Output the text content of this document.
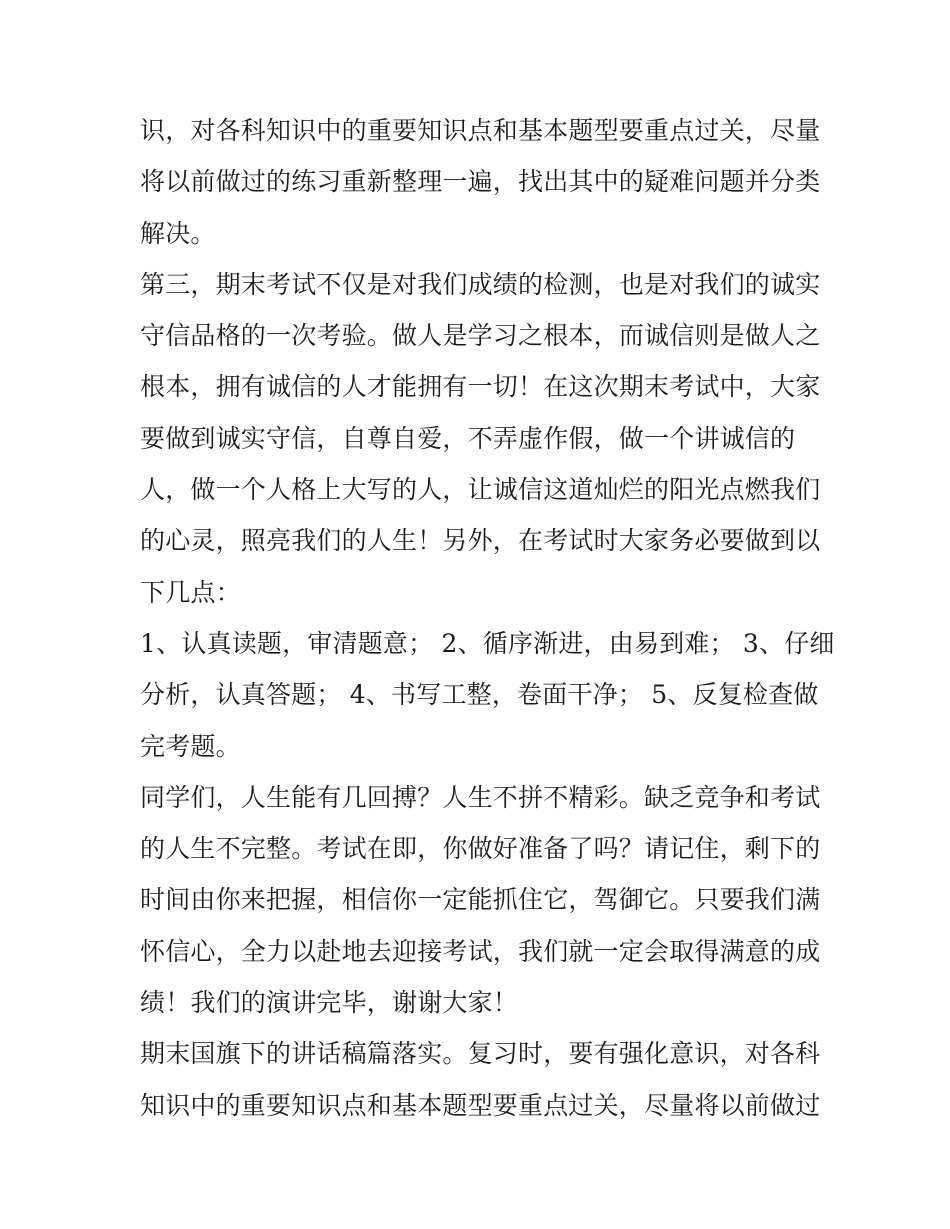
识，对各科知识中的重要知识点和基本题型要重点过关，尽量
将以前做过的练习重新整理一遍，找出其中的疑难问题并分类
解决。
第三，期末考试不仅是对我们成绩的检测，也是对我们的诚实
守信品格的一次考验。做人是学习之根本，而诚信则是做人之
根本，拥有诚信的人才能拥有一切！在这次期末考试中，大家
要做到诚实守信，自尊自爱，不弄虚作假，做一个讲诚信的
人，做一个人格上大写的人，让诚信这道灿烂的阳光点燃我们
的心灵，照亮我们的人生！另外，在考试时大家务必要做到以
下几点：
1、认真读题，审清题意； 2、循序渐进，由易到难； 3、仔细
分析，认真答题； 4、书写工整，卷面干净； 5、反复检查做
完考题。
同学们，人生能有几回搏？人生不拼不精彩。缺乏竞争和考试
的人生不完整。考试在即，你做好准备了吗？请记住，剩下的
时间由你来把握，相信你一定能抓住它，驾御它。只要我们满
怀信心，全力以赴地去迎接考试，我们就一定会取得满意的成
绩！我们的演讲完毕，谢谢大家！
期末国旗下的讲话稿篇落实。复习时，要有强化意识，对各科
知识中的重要知识点和基本题型要重点过关，尽量将以前做过
